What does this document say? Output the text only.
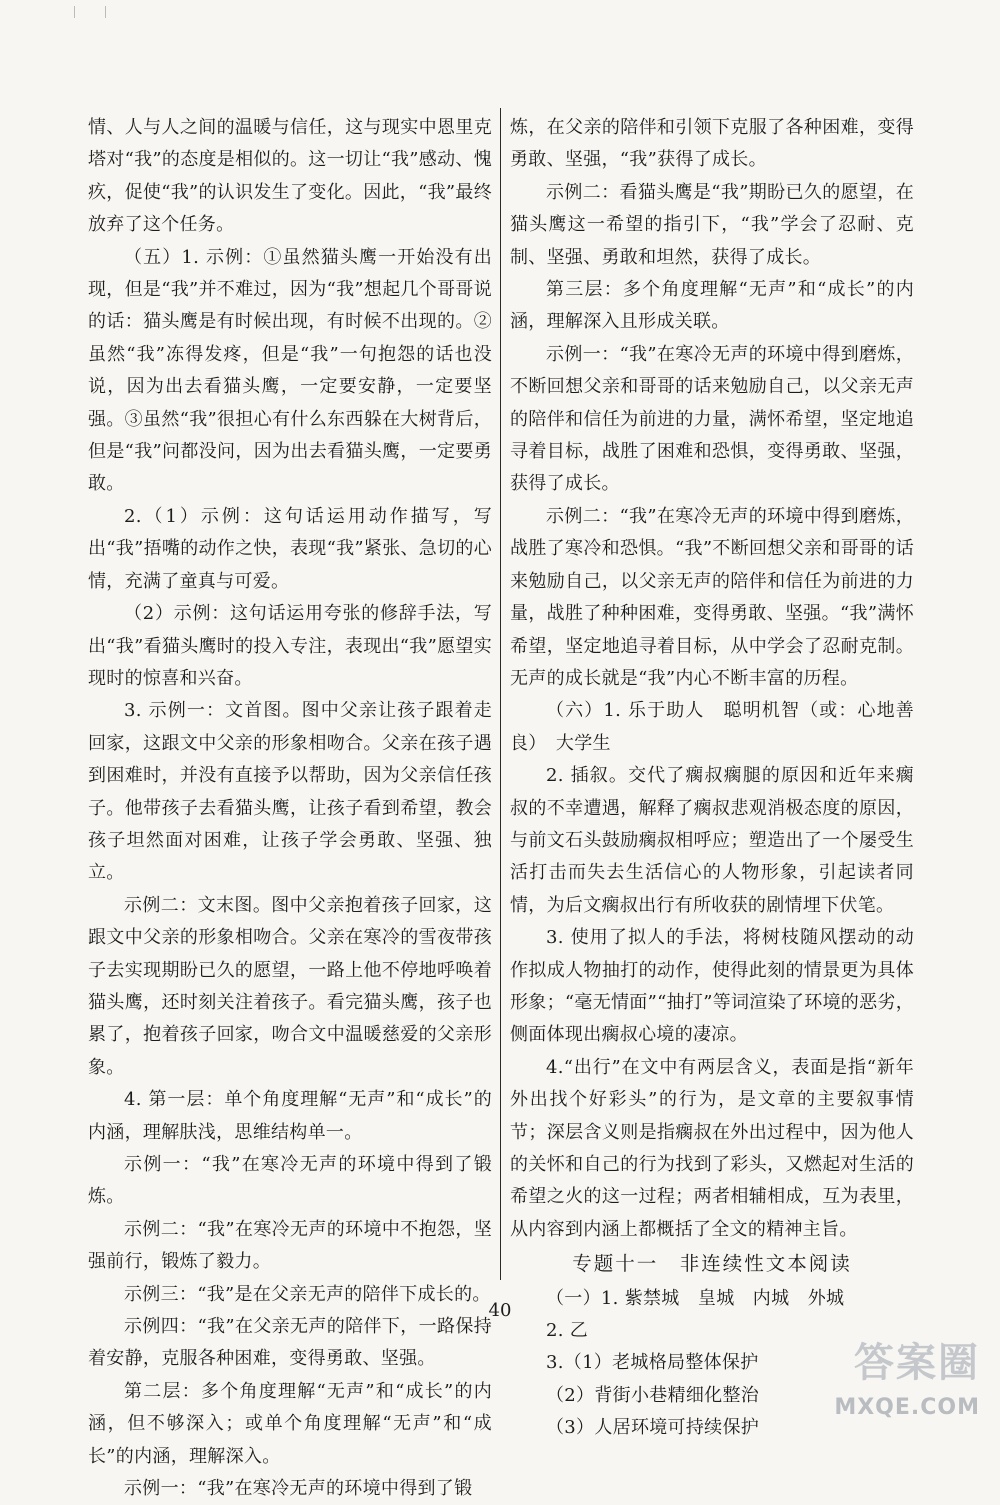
情、人与人之间的温暖与信任，这与现实中恩里克塔对“我”的态度是相似的。这一切让“我”感动、愧疚，促使“我”的认识发生了变化。因此，“我”最终放弃了这个任务。

（五）1. 示例：①虽然猫头鹰一开始没有出现，但是“我”并不难过，因为“我”想起几个哥哥说的话：猫头鹰是有时候出现，有时候不出现的。②虽然“我”冻得发疼，但是“我”一句抱怨的话也没说，因为出去看猫头鹰，一定要安静，一定要坚强。③虽然“我”很担心有什么东西躲在大树背后，但是“我”问都没问，因为出去看猫头鹰，一定要勇敢。

2.（1）示例：这句话运用动作描写，写出“我”捂嘴的动作之快，表现“我”紧张、急切的心情，充满了童真与可爱。

（2）示例：这句话运用夸张的修辞手法，写出“我”看猫头鹰时的投入专注，表现出“我”愿望实现时的惊喜和兴奋。

3. 示例一：文首图。图中父亲让孩子跟着走回家，这跟文中父亲的形象相吻合。父亲在孩子遇到困难时，并没有直接予以帮助，因为父亲信任孩子。他带孩子去看猫头鹰，让孩子看到希望，教会孩子坦然面对困难，让孩子学会勇敢、坚强、独立。

示例二：文末图。图中父亲抱着孩子回家，这跟文中父亲的形象相吻合。父亲在寒冷的雪夜带孩子去实现期盼已久的愿望，一路上他不停地呼唤着猫头鹰，还时刻关注着孩子。看完猫头鹰，孩子也累了，抱着孩子回家，吻合文中温暖慈爱的父亲形象。

4. 第一层：单个角度理解“无声”和“成长”的内涵，理解肤浅，思维结构单一。

示例一：“我”在寒冷无声的环境中得到了锻炼。

示例二：“我”在寒冷无声的环境中不抱怨，坚强前行，锻炼了毅力。

示例三：“我”是在父亲无声的陪伴下成长的。

示例四：“我”在父亲无声的陪伴下，一路保持着安静，克服各种困难，变得勇敢、坚强。

第二层：多个角度理解“无声”和“成长”的内涵，但不够深入；或单个角度理解“无声”和“成长”的内涵，理解深入。

示例一：“我”在寒冷无声的环境中得到了锻

炼，在父亲的陪伴和引领下克服了各种困难，变得勇敢、坚强，“我”获得了成长。

示例二：看猫头鹰是“我”期盼已久的愿望，在猫头鹰这一希望的指引下，“我”学会了忍耐、克制、坚强、勇敢和坦然，获得了成长。

第三层：多个角度理解“无声”和“成长”的内涵，理解深入且形成关联。

示例一：“我”在寒冷无声的环境中得到磨炼，不断回想父亲和哥哥的话来勉励自己，以父亲无声的陪伴和信任为前进的力量，满怀希望，坚定地追寻着目标，战胜了困难和恐惧，变得勇敢、坚强，获得了成长。

示例二：“我”在寒冷无声的环境中得到磨炼，战胜了寒冷和恐惧。“我”不断回想父亲和哥哥的话来勉励自己，以父亲无声的陪伴和信任为前进的力量，战胜了种种困难，变得勇敢、坚强。“我”满怀希望，坚定地追寻着目标，从中学会了忍耐克制。无声的成长就是“我”内心不断丰富的历程。

（六）1. 乐于助人　聪明机智（或：心地善良）　大学生

2. 插叙。交代了瘸叔瘸腿的原因和近年来瘸叔的不幸遭遇，解释了瘸叔悲观消极态度的原因，与前文石头鼓励瘸叔相呼应；塑造出了一个屡受生活打击而失去生活信心的人物形象，引起读者同情，为后文瘸叔出行有所收获的剧情埋下伏笔。

3. 使用了拟人的手法，将树枝随风摆动的动作拟成人物抽打的动作，使得此刻的情景更为具体形象；“毫无情面”“抽打”等词渲染了环境的恶劣，侧面体现出瘸叔心境的凄凉。

4.“出行”在文中有两层含义，表面是指“新年外出找个好彩头”的行为，是文章的主要叙事情节；深层含义则是指瘸叔在外出过程中，因为他人的关怀和自己的行为找到了彩头，又燃起对生活的希望之火的这一过程；两者相辅相成，互为表里，从内容到内涵上都概括了全文的精神主旨。

专题十一　非连续性文本阅读

（一）1. 紫禁城　皇城　内城　外城

2. 乙

3.（1）老城格局整体保护

（2）背街小巷精细化整治

（3）人居环境可持续保护

40
答案圈
MXQE.COM
